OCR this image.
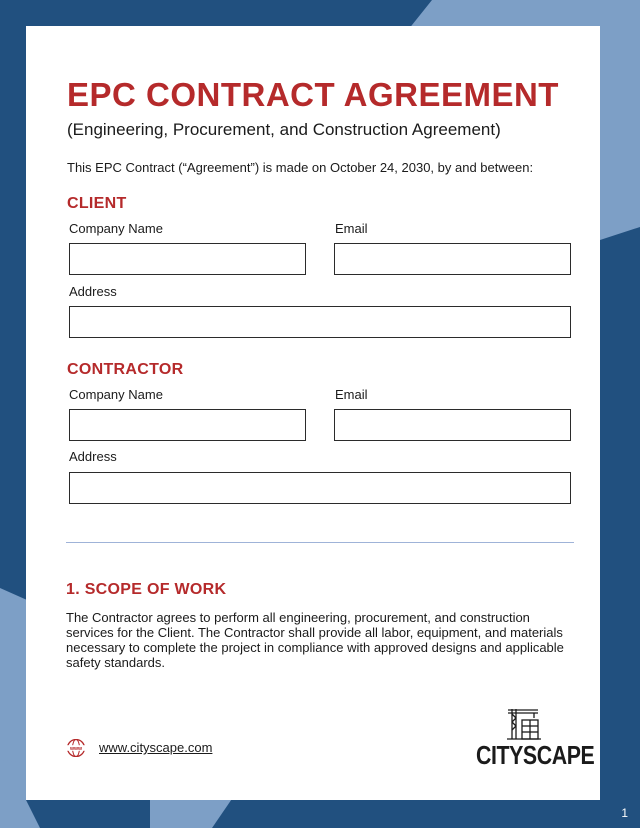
EPC CONTRACT AGREEMENT
(Engineering, Procurement, and Construction Agreement)
This EPC Contract (“Agreement”) is made on October 24, 2030, by and between:
CLIENT
Company Name	Email
Address
CONTRACTOR
Company Name	Email
Address
1. SCOPE OF WORK
The Contractor agrees to perform all engineering, procurement, and construction services for the Client. The Contractor shall provide all labor, equipment, and materials necessary to complete the project in compliance with approved designs and applicable safety standards.
www www.cityscape.com	CITYSCAPE
1
